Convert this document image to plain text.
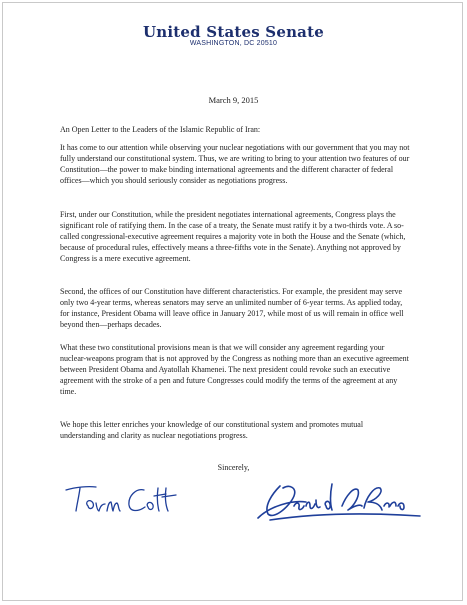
United States Senate
WASHINGTON, DC 20510
March 9, 2015

An Open Letter to the Leaders of the Islamic Republic of Iran:

It has come to our attention while observing your nuclear negotiations with our government that you may not fully understand our constitutional system. Thus, we are writing to bring to your attention two features of our Constitution—the power to make binding international agreements and the different character of federal offices—which you should seriously consider as negotiations progress.

First, under our Constitution, while the president negotiates international agreements, Congress plays the significant role of ratifying them. In the case of a treaty, the Senate must ratify it by a two-thirds vote. A so-called congressional-executive agreement requires a majority vote in both the House and the Senate (which, because of procedural rules, effectively means a three-fifths vote in the Senate). Anything not approved by Congress is a mere executive agreement.

Second, the offices of our Constitution have different characteristics. For example, the president may serve only two 4-year terms, whereas senators may serve an unlimited number of 6-year terms. As applied today, for instance, President Obama will leave office in January 2017, while most of us will remain in office well beyond then—perhaps decades.

What these two constitutional provisions mean is that we will consider any agreement regarding your nuclear-weapons program that is not approved by the Congress as nothing more than an executive agreement between President Obama and Ayatollah Khamenei. The next president could revoke such an executive agreement with the stroke of a pen and future Congresses could modify the terms of the agreement at any time.

We hope this letter enriches your knowledge of our constitutional system and promotes mutual understanding and clarity as nuclear negotiations progress.

Sincerely,
